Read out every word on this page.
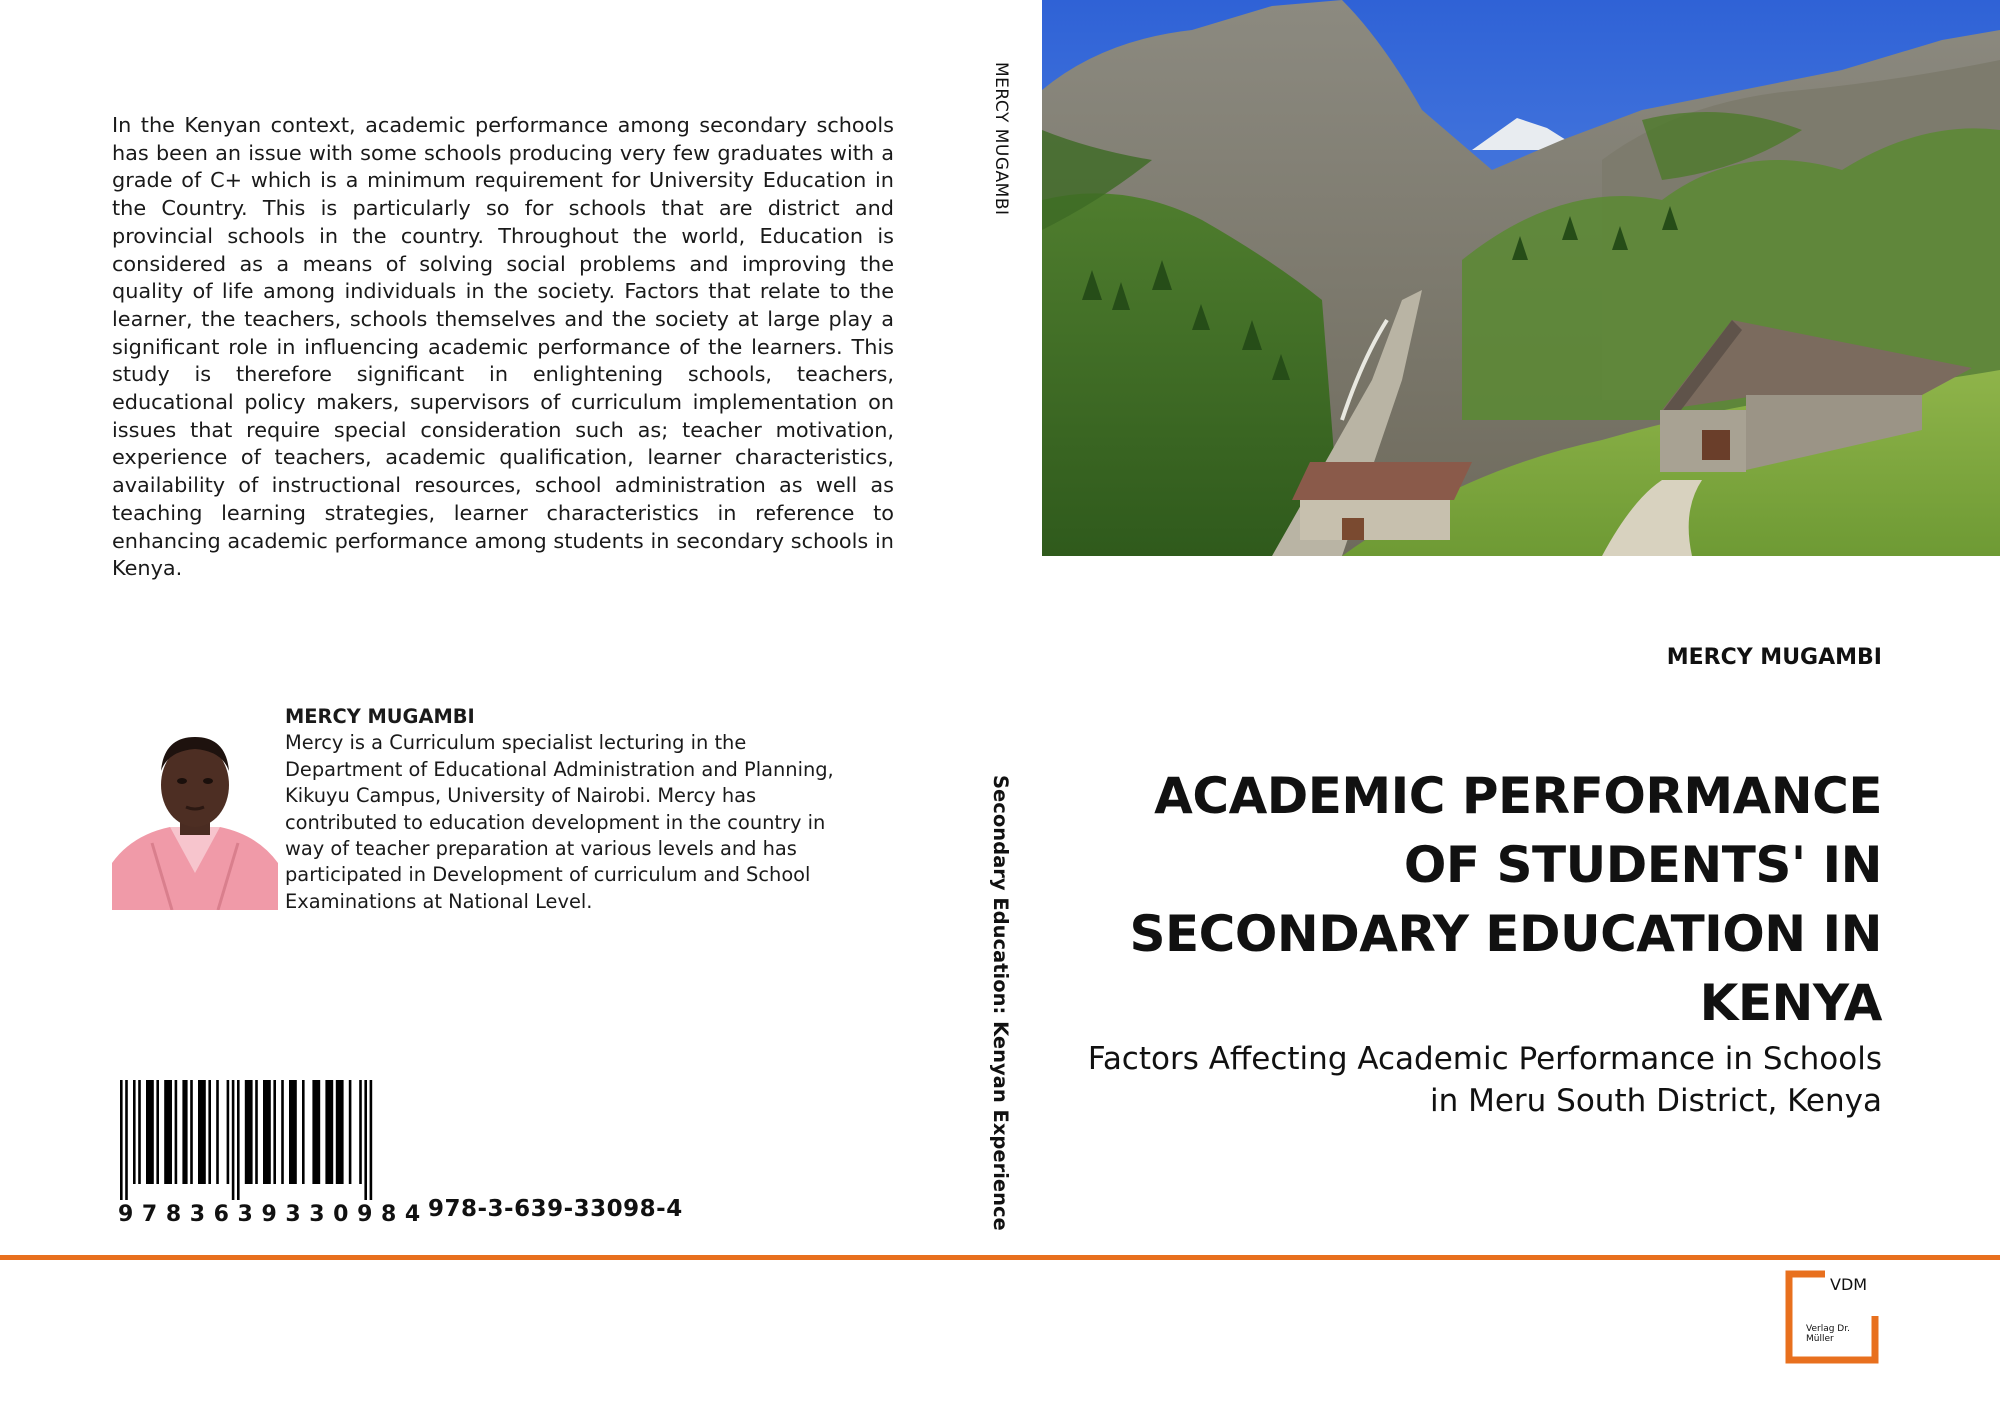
In the Kenyan context, academic performance among secondary schools has been an issue with some schools producing very few graduates with a grade of C+ which is a minimum requirement for University Education in the Country. This is particularly so for schools that are district and provincial schools in the country. Throughout the world, Education is considered as a means of solving social problems and improving the quality of life among individuals in the society. Factors that relate to the learner, the teachers, schools themselves and the society at large play a significant role in influencing academic performance of the learners. This study is therefore significant in enlightening schools, teachers, educational policy makers, supervisors of curriculum implementation on issues that require special consideration such as; teacher motivation, experience of teachers, academic qualification, learner characteristics, availability of instructional resources, school administration as well as teaching learning strategies, learner characteristics in reference to enhancing academic performance among students in secondary schools in Kenya.
MERCY MUGAMBI
Mercy is a Curriculum specialist lecturing in the Department of Educational Administration and Planning, Kikuyu Campus, University of Nairobi. Mercy has contributed to education development in the country in way of teacher preparation at various levels and has participated in Development of curriculum and School Examinations at National Level.
9783639330984 978-3-639-33098-4
MERCY MUGAMBI
Secondary Education: Kenyan Experience
MERCY MUGAMBI
ACADEMIC PERFORMANCE OF STUDENTS' IN SECONDARY EDUCATION IN KENYA

Factors Affecting Academic Performance in Schools in Meru South District, Kenya

VDM
Verlag Dr. Müller
